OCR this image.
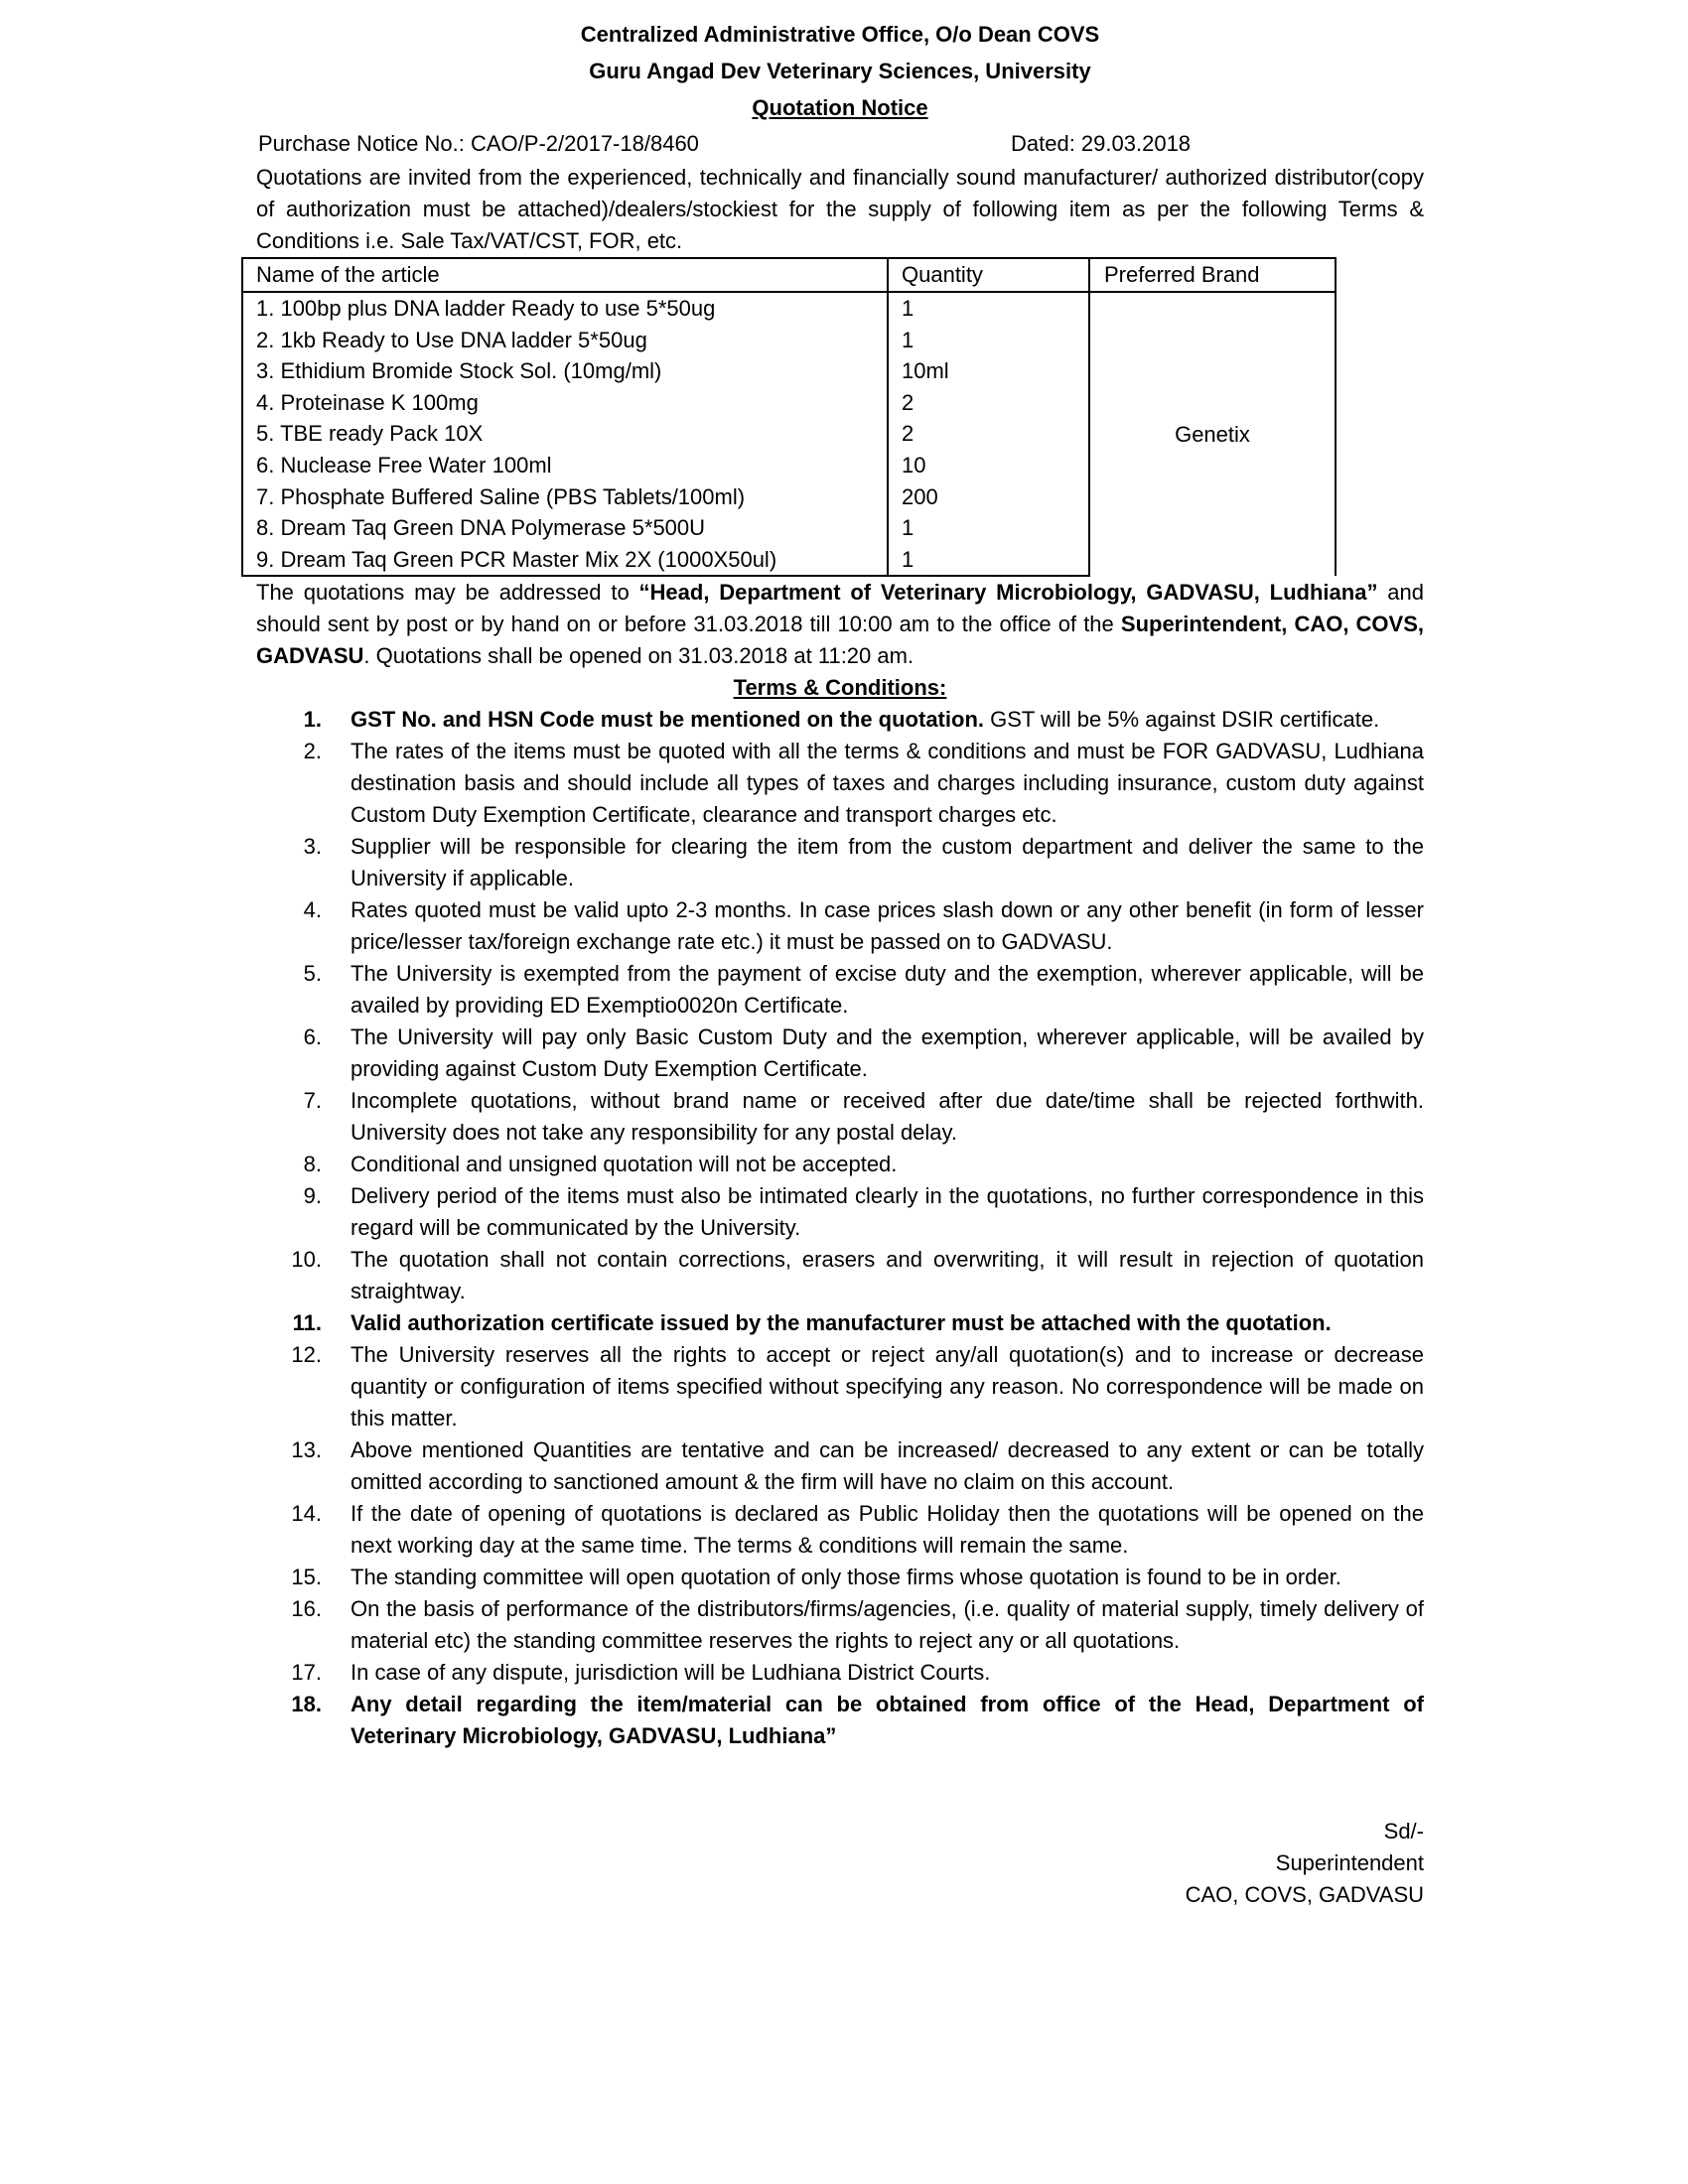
Centralized Administrative Office, O/o Dean COVS
Guru Angad Dev Veterinary Sciences, University
Quotation Notice
Purchase Notice No.: CAO/P-2/2017-18/8460	Dated: 29.03.2018
Quotations are invited from the experienced, technically and financially sound manufacturer/ authorized distributor(copy of authorization must be attached)/dealers/stockiest for the supply of following item as per the following Terms & Conditions i.e. Sale Tax/VAT/CST, FOR, etc.
Name of the article	Quantity	Preferred Brand
1. 100bp plus DNA ladder Ready to use 5*50ug	1	Genetix
2. 1kb Ready to Use DNA ladder 5*50ug	1	
3. Ethidium Bromide Stock Sol. (10mg/ml)	10ml	
4. Proteinase K 100mg	2	
5. TBE ready Pack 10X	2	
6. Nuclease Free Water 100ml	10	
7. Phosphate Buffered Saline (PBS Tablets/100ml)	200	
8. Dream Taq Green DNA Polymerase 5*500U	1	
9. Dream Taq Green PCR Master Mix 2X (1000X50ul)	1	
The quotations may be addressed to “Head, Department of Veterinary Microbiology, GADVASU, Ludhiana” and should sent by post or by hand on or before 31.03.2018 till 10:00 am to the office of the Superintendent, CAO, COVS, GADVASU. Quotations shall be opened on 31.03.2018 at 11:20 am.
Terms & Conditions:
1. GST No. and HSN Code must be mentioned on the quotation. GST will be 5% against DSIR certificate.
2. The rates of the items must be quoted with all the terms & conditions and must be FOR GADVASU, Ludhiana destination basis and should include all types of taxes and charges including insurance, custom duty against Custom Duty Exemption Certificate, clearance and transport charges etc.
3. Supplier will be responsible for clearing the item from the custom department and deliver the same to the University if applicable.
4. Rates quoted must be valid upto 2-3 months. In case prices slash down or any other benefit (in form of lesser price/lesser tax/foreign exchange rate etc.) it must be passed on to GADVASU.
5. The University is exempted from the payment of excise duty and the exemption, wherever applicable, will be availed by providing ED Exemptio0020n Certificate.
6. The University will pay only Basic Custom Duty and the exemption, wherever applicable, will be availed by providing against Custom Duty Exemption Certificate.
7. Incomplete quotations, without brand name or received after due date/time shall be rejected forthwith. University does not take any responsibility for any postal delay.
8. Conditional and unsigned quotation will not be accepted.
9. Delivery period of the items must also be intimated clearly in the quotations, no further correspondence in this regard will be communicated by the University.
10. The quotation shall not contain corrections, erasers and overwriting, it will result in rejection of quotation straightway.
11. Valid authorization certificate issued by the manufacturer must be attached with the quotation.
12. The University reserves all the rights to accept or reject any/all quotation(s) and to increase or decrease quantity or configuration of items specified without specifying any reason. No correspondence will be made on this matter.
13. Above mentioned Quantities are tentative and can be increased/ decreased to any extent or can be totally omitted according to sanctioned amount & the firm will have no claim on this account.
14. If the date of opening of quotations is declared as Public Holiday then the quotations will be opened on the next working day at the same time. The terms & conditions will remain the same.
15. The standing committee will open quotation of only those firms whose quotation is found to be in order.
16. On the basis of performance of the distributors/firms/agencies, (i.e. quality of material supply, timely delivery of material etc) the standing committee reserves the rights to reject any or all quotations.
17. In case of any dispute, jurisdiction will be Ludhiana District Courts.
18. Any detail regarding the item/material can be obtained from office of the Head, Department of Veterinary Microbiology, GADVASU, Ludhiana”
Sd/-
Superintendent
CAO, COVS, GADVASU
